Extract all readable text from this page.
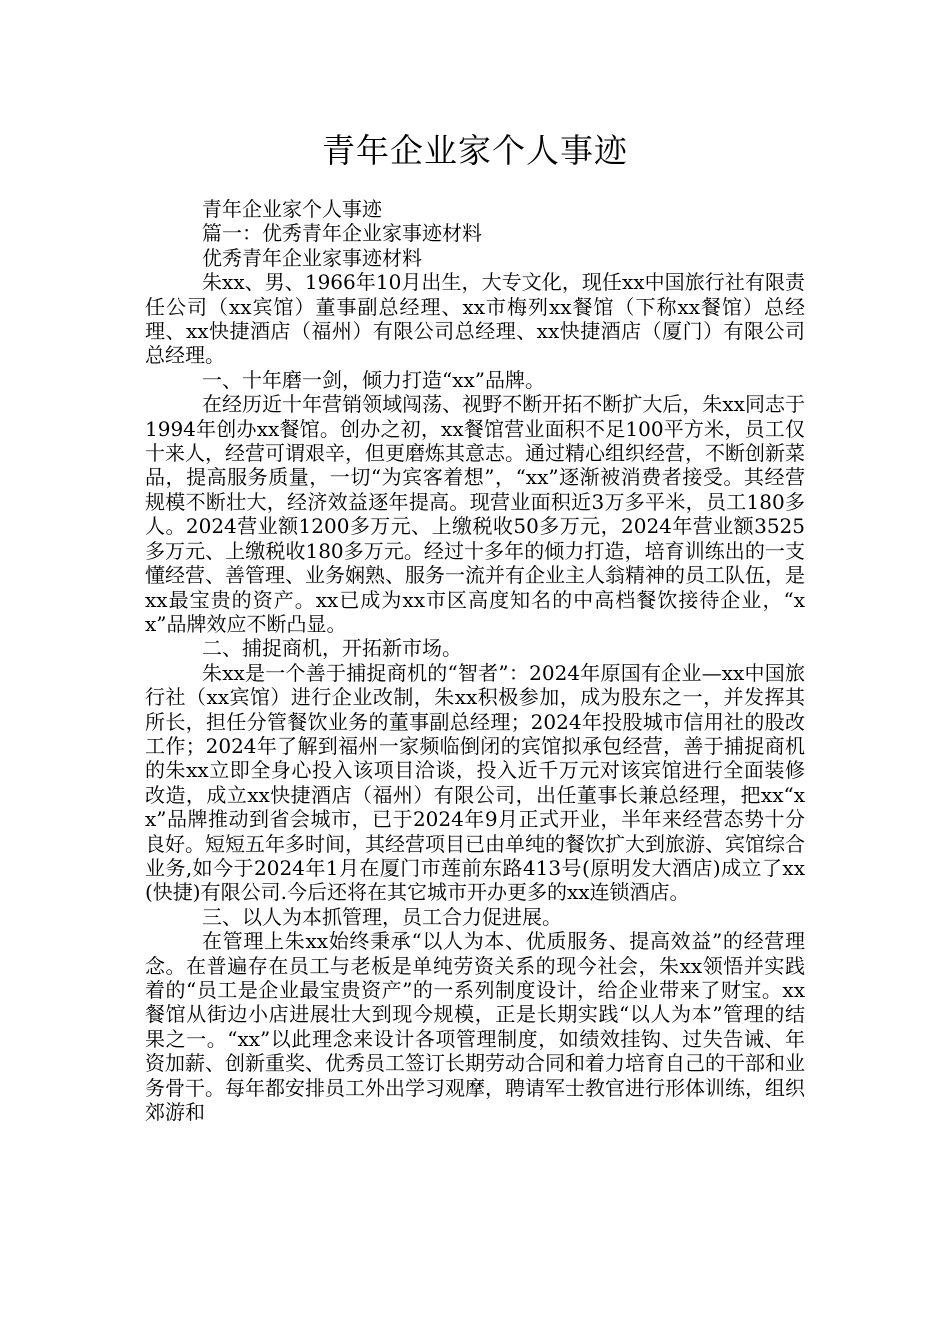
青年企业家个人事迹

青年企业家个人事迹

篇一：优秀青年企业家事迹材料

优秀青年企业家事迹材料

朱xx、男、1966年10月出生，大专文化，现任xx中国旅行社有限责任公司（xx宾馆）董事副总经理、xx市梅列xx餐馆（下称xx餐馆）总经理、xx快捷酒店（福州）有限公司总经理、xx快捷酒店（厦门）有限公司总经理。

一、十年磨一剑，倾力打造“xx”品牌。

在经历近十年营销领域闯荡、视野不断开拓不断扩大后，朱xx同志于1994年创办xx餐馆。创办之初，xx餐馆营业面积不足100平方米，员工仅十来人，经营可谓艰辛，但更磨炼其意志。通过精心组织经营，不断创新菜品，提高服务质量，一切“为宾客着想”，“xx”逐渐被消费者接受。其经营规模不断壮大，经济效益逐年提高。现营业面积近3万多平米，员工180多人。2024营业额1200多万元、上缴税收50多万元，2024年营业额3525多万元、上缴税收180多万元。经过十多年的倾力打造，培育训练出的一支懂经营、善管理、业务娴熟、服务一流并有企业主人翁精神的员工队伍，是xx最宝贵的资产。xx已成为xx市区高度知名的中高档餐饮接待企业，“xx”品牌效应不断凸显。

二、捕捉商机，开拓新市场。

朱xx是一个善于捕捉商机的“智者”：2024年原国有企业—xx中国旅行社（xx宾馆）进行企业改制，朱xx积极参加，成为股东之一，并发挥其所长，担任分管餐饮业务的董事副总经理；2024年投股城市信用社的股改工作；2024年了解到福州一家频临倒闭的宾馆拟承包经营，善于捕捉商机的朱xx立即全身心投入该项目洽谈，投入近千万元对该宾馆进行全面装修改造，成立xx快捷酒店（福州）有限公司，出任董事长兼总经理，把xx“xx”品牌推动到省会城市，已于2024年9月正式开业，半年来经营态势十分良好。短短五年多时间，其经营项目已由单纯的餐饮扩大到旅游、宾馆综合业务,如今于2024年1月在厦门市莲前东路413号(原明发大酒店)成立了xx(快捷)有限公司.今后还将在其它城市开办更多的xx连锁酒店。

三、以人为本抓管理，员工合力促进展。

在管理上朱xx始终秉承“以人为本、优质服务、提高效益”的经营理念。在普遍存在员工与老板是单纯劳资关系的现今社会，朱xx领悟并实践着的“员工是企业最宝贵资产”的一系列制度设计，给企业带来了财宝。xx餐馆从街边小店进展壮大到现今规模，正是长期实践“以人为本”管理的结果之一。“xx”以此理念来设计各项管理制度，如绩效挂钩、过失告诫、年资加薪、创新重奖、优秀员工签订长期劳动合同和着力培育自己的干部和业务骨干。每年都安排员工外出学习观摩，聘请军士教官进行形体训练，组织郊游和
